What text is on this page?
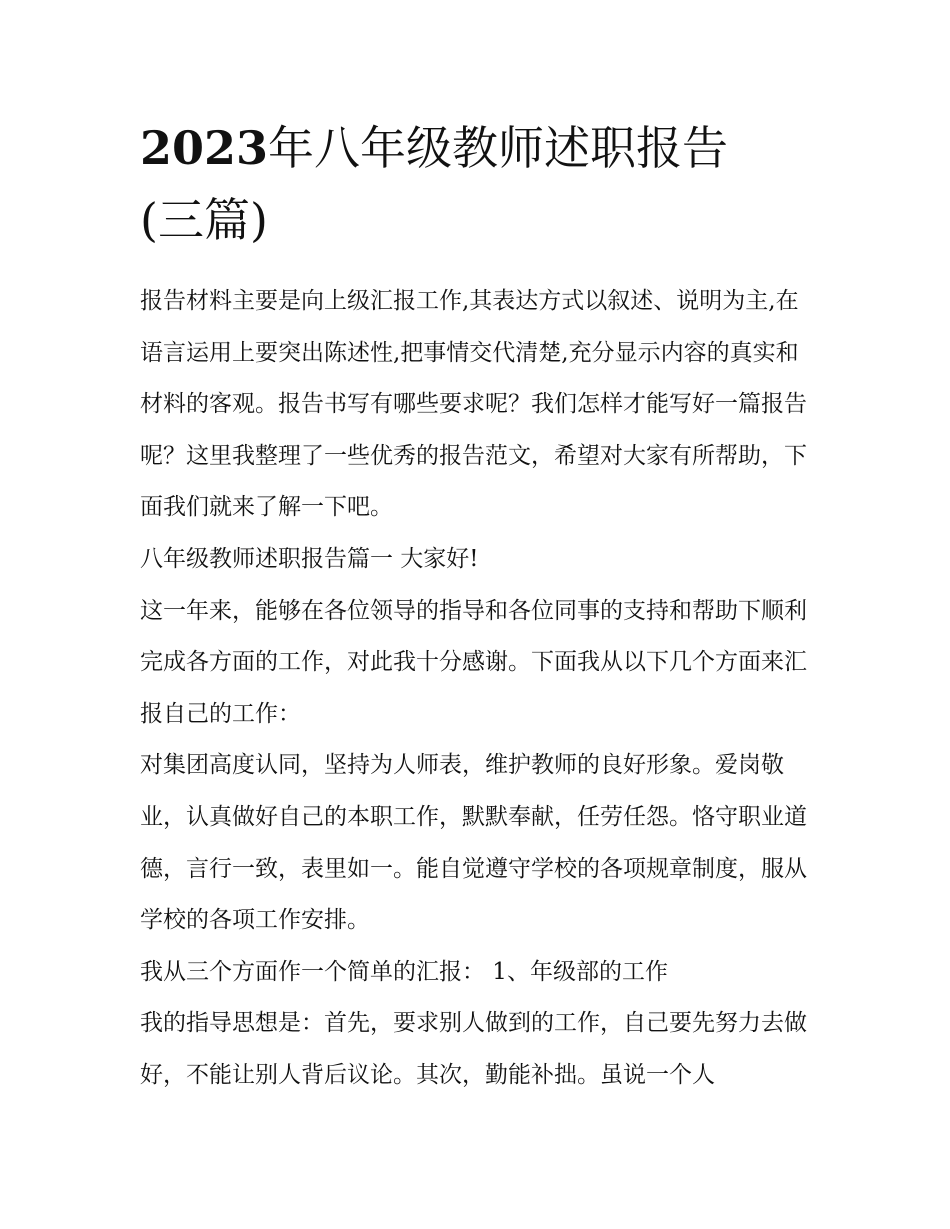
2023年八年级教师述职报告
(三篇)

报告材料主要是向上级汇报工作,其表达方式以叙述、说明为主,在语言运用上要突出陈述性,把事情交代清楚,充分显示内容的真实和材料的客观。报告书写有哪些要求呢？我们怎样才能写好一篇报告呢？这里我整理了一些优秀的报告范文，希望对大家有所帮助，下面我们就来了解一下吧。

八年级教师述职报告篇一 大家好!

这一年来，能够在各位领导的指导和各位同事的支持和帮助下顺利完成各方面的工作，对此我十分感谢。下面我从以下几个方面来汇报自己的工作：

对集团高度认同，坚持为人师表，维护教师的良好形象。爱岗敬业，认真做好自己的本职工作，默默奉献，任劳任怨。恪守职业道德，言行一致，表里如一。能自觉遵守学校的各项规章制度，服从学校的各项工作安排。

我从三个方面作一个简单的汇报： 1、年级部的工作

我的指导思想是：首先，要求别人做到的工作，自己要先努力去做好，不能让别人背后议论。其次，勤能补拙。虽说一个人
